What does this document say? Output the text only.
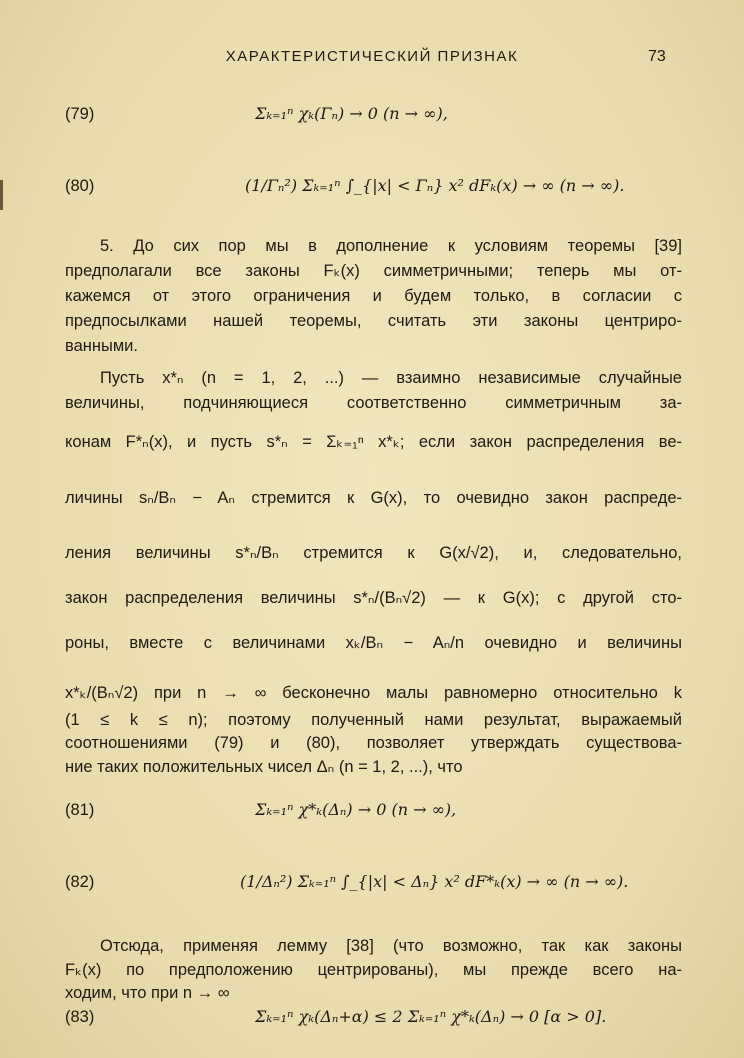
ХАРАКТЕРИСТИЧЕСКИЙ ПРИЗНАК	73
(79)	Σₖ₌₁ⁿ χₖ(Γₙ) → 0 (n → ∞),
(80)	(1/Γₙ²) Σₖ₌₁ⁿ ∫_{|x| < Γₙ} x² dFₖ(x) → ∞ (n → ∞).
5. До сих пор мы в дополнение к условиям теоремы [39]
предполагали все законы Fₖ(x) симметричными; теперь мы от-
кажемся от этого ограничения и будем только, в согласии с
предпосылками нашей теоремы, считать эти законы центриро-
ванными.
Пусть x*ₙ (n = 1, 2, ...) — взаимно независимые случайные
величины, подчиняющиеся соответственно симметричным за-
конам F*ₙ(x), и пусть s*ₙ = Σₖ₌₁ⁿ x*ₖ; если закон распределения ве-
личины sₙ/Bₙ − Aₙ стремится к G(x), то очевидно закон распреде-
ления величины s*ₙ/Bₙ стремится к G(x/√2), и, следовательно,
закон распределения величины s*ₙ/(Bₙ√2) — к G(x); с другой сто-
роны, вместе с величинами xₖ/Bₙ − Aₙ/n очевидно и величины
x*ₖ/(Bₙ√2) при n → ∞ бесконечно малы равномерно относительно k
(1 ≤ k ≤ n); поэтому полученный нами результат, выражаемый
соотношениями (79) и (80), позволяет утверждать существова-
ние таких положительных чисел Δₙ (n = 1, 2, ...), что
(81)	Σₖ₌₁ⁿ χ*ₖ(Δₙ) → 0 (n → ∞),
(82)	(1/Δₙ²) Σₖ₌₁ⁿ ∫_{|x| < Δₙ} x² dF*ₖ(x) → ∞ (n → ∞).
Отсюда, применяя лемму [38] (что возможно, так как законы
Fₖ(x) по предположению центрированы), мы прежде всего на-
ходим, что при n → ∞
(83)	Σₖ₌₁ⁿ χₖ(Δₙ+α) ≤ 2 Σₖ₌₁ⁿ χ*ₖ(Δₙ) → 0 [α > 0].
